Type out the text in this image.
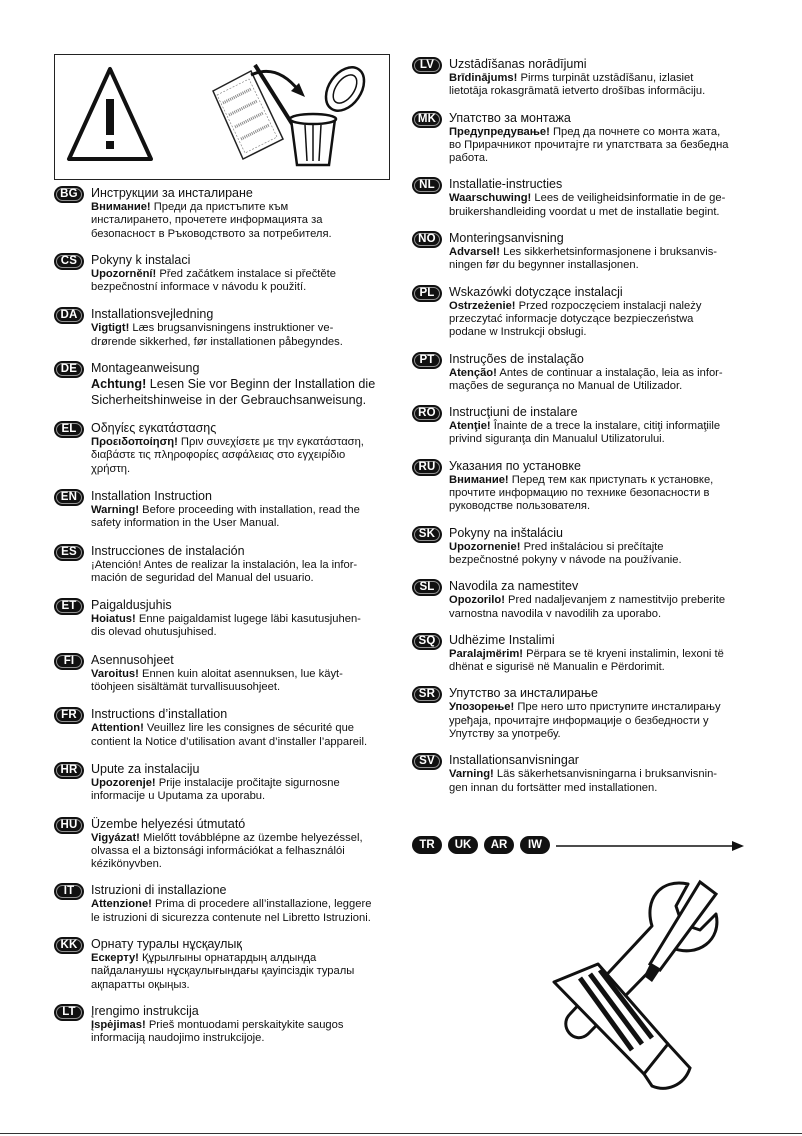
BG	Инструкции за инсталиране
Внимание! Преди да пристъпите към
инсталирането, прочетете информацията за
безопасност в Ръководството за потребителя.
CS	Pokyny k instalaci
Upozornění! Před začátkem instalace si přečtěte
bezpečnostní informace v návodu k použití.
DA	Installationsvejledning
Vigtigt! Læs brugsanvisningens instruktioner ve-
drørende sikkerhed, før installationen påbegyndes.
DE	Montageanweisung
Achtung! Lesen Sie vor Beginn der Installation die
Sicherheitshinweise in der Gebrauchsanweisung.
EL	Οδηγίες εγκατάστασης
Προειδοποίηση! Πριν συνεχίσετε με την εγκατάσταση,
διαβάστε τις πληροφορίες ασφάλειας στο εγχειρίδιο
χρήστη.
EN	Installation Instruction
Warning! Before proceeding with installation, read the
safety information in the User Manual.
ES	Instrucciones de instalación
¡Atención! Antes de realizar la instalación, lea la infor-
mación de seguridad del Manual del usuario.
ET	Paigaldusjuhis
Hoiatus! Enne paigaldamist lugege läbi kasutusjuhen-
dis olevad ohutusjuhised.
FI	Asennusohjeet
Varoitus! Ennen kuin aloitat asennuksen, lue käyt-
töohjeen sisältämät turvallisuusohjeet.
FR	Instructions d’installation
Attention! Veuillez lire les consignes de sécurité que
contient la Notice d’utilisation avant d’installer l’appareil.
HR	Upute za instalaciju
Upozorenje! Prije instalacije pročitajte sigurnosne
informacije u Uputama za uporabu.
HU	Üzembe helyezési útmutató
Vigyázat! Mielőtt továbblépne az üzembe helyezéssel,
olvassa el a biztonsági információkat a felhasználói
kézikönyvben.
IT	Istruzioni di installazione
Attenzione! Prima di procedere all’installazione, leggere
le istruzioni di sicurezza contenute nel Libretto Istruzioni.
KK	Орнату туралы нұсқаулық
Ескерту! Құрылғыны орнатардың алдында
пайдаланушы нұсқаулығындағы қауіпсіздік туралы
ақпаратты оқыңыз.
LT	Įrengimo instrukcija
Įspėjimas! Prieš montuodami perskaitykite saugos
informaciją naudojimo instrukcijoje.
LV	Uzstādīšanas norādījumi
Brīdinājums! Pirms turpināt uzstādīšanu, izlasiet
lietotāja rokasgrāmatā ietverto drošības informāciju.
MK	Упатство за монтажа
Предупредување! Пред да почнете со монта жата,
во Прирачникот прочитајте ги упатствата за безбедна
работа.
NL	Installatie-instructies
Waarschuwing! Lees de veiligheidsinformatie in de ge-
bruikershandleiding voordat u met de installatie begint.
NO	Monteringsanvisning
Advarsel! Les sikkerhetsinformasjonene i bruksanvis-
ningen før du begynner installasjonen.
PL	Wskazówki dotyczące instalacji
Ostrzeżenie! Przed rozpoczęciem instalacji należy
przeczytać informacje dotyczące bezpieczeństwa
podane w Instrukcji obsługi.
PT	Instruções de instalação
Atenção! Antes de continuar a instalação, leia as infor-
mações de segurança no Manual de Utilizador.
RO	Instrucţiuni de instalare
Atenţie! Înainte de a trece la instalare, citiţi informaţiile
privind siguranţa din Manualul Utilizatorului.
RU	Указания по установке
Внимание! Перед тем как приступать к установке,
прочтите информацию по технике безопасности в
руководстве пользователя.
SK	Pokyny na inštaláciu
Upozornenie! Pred inštaláciou si prečítajte
bezpečnostné pokyny v návode na používanie.
SL	Navodila za namestitev
Opozorilo! Pred nadaljevanjem z namestitvijo preberite
varnostna navodila v navodilih za uporabo.
SQ	Udhëzime Instalimi
Paralajmërim! Përpara se të kryeni instalimin, lexoni të
dhënat e sigurisë në Manualin e Përdorimit.
SR	Упутство за инсталирање
Упозорење! Пре него што приступите инсталирању
уређаја, прочитајте информације о безбедности у
Упутству за употребу.
SV	Installationsanvisningar
Varning! Läs säkerhetsanvisningarna i bruksanvisnin-
gen innan du fortsätter med installationen.
TR	UK	AR	IW
